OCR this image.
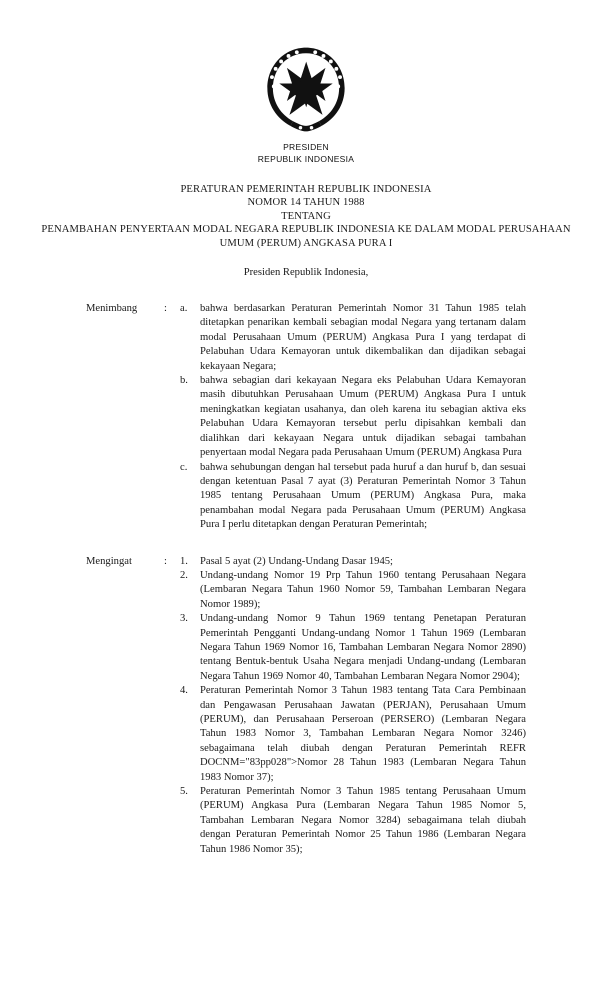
PRESIDEN
REPUBLIK INDONESIA
PERATURAN PEMERINTAH REPUBLIK INDONESIA
NOMOR 14 TAHUN 1988
TENTANG
PENAMBAHAN PENYERTAAN MODAL NEGARA REPUBLIK INDONESIA KE DALAM MODAL PERUSAHAAN UMUM (PERUM) ANGKASA PURA I
Presiden Republik Indonesia,
Menimbang	:	a.	bahwa berdasarkan Peraturan Pemerintah Nomor 31 Tahun 1985 telah ditetapkan penarikan kembali sebagian modal Negara yang tertanam dalam modal Perusahaan Umum (PERUM) Angkasa Pura I yang terdapat di Pelabuhan Udara Kemayoran untuk dikembalikan dan dijadikan sebagai kekayaan Negara;
b.	bahwa sebagian dari kekayaan Negara eks Pelabuhan Udara Kemayoran masih dibutuhkan Perusahaan Umum (PERUM) Angkasa Pura I untuk meningkatkan kegiatan usahanya, dan oleh karena itu sebagian aktiva eks Pelabuhan Udara Kemayoran tersebut perlu dipisahkan kembali dan dialihkan dari kekayaan Negara untuk dijadikan sebagai tambahan penyertaan modal Negara pada Perusahaan Umum (PERUM) Angkasa Pura
c.	bahwa sehubungan dengan hal tersebut pada huruf a dan huruf b, dan sesuai dengan ketentuan Pasal 7 ayat (3) Peraturan Pemerintah Nomor 3 Tahun 1985 tentang Perusahaan Umum (PERUM) Angkasa Pura, maka penambahan modal Negara pada Perusahaan Umum (PERUM) Angkasa Pura I perlu ditetapkan dengan Peraturan Pemerintah;
Mengingat	:	1.	Pasal 5 ayat (2) Undang-Undang Dasar 1945;
2.	Undang-undang Nomor 19 Prp Tahun 1960 tentang Perusahaan Negara (Lembaran Negara Tahun 1960 Nomor 59, Tambahan Lembaran Negara Nomor 1989);
3.	Undang-undang Nomor 9 Tahun 1969 tentang Penetapan Peraturan Pemerintah Pengganti Undang-undang Nomor 1 Tahun 1969 (Lembaran Negara Tahun 1969 Nomor 16, Tambahan Lembaran Negara Nomor 2890) tentang Bentuk-bentuk Usaha Negara menjadi Undang-undang (Lembaran Negara Tahun 1969 Nomor 40, Tambahan Lembaran Negara Nomor 2904);
4.	Peraturan Pemerintah Nomor 3 Tahun 1983 tentang Tata Cara Pembinaan dan Pengawasan Perusahaan Jawatan (PERJAN), Perusahaan Umum (PERUM), dan Perusahaan Perseroan (PERSERO) (Lembaran Negara Tahun 1983 Nomor 3, Tambahan Lembaran Negara Nomor 3246) sebagaimana telah diubah dengan Peraturan Pemerintah REFR DOCNM="83pp028">Nomor 28 Tahun 1983 (Lembaran Negara Tahun 1983 Nomor 37);
5.	Peraturan Pemerintah Nomor 3 Tahun 1985 tentang Perusahaan Umum (PERUM) Angkasa Pura (Lembaran Negara Tahun 1985 Nomor 5, Tambahan Lembaran Negara Nomor 3284) sebagaimana telah diubah dengan Peraturan Pemerintah Nomor 25 Tahun 1986 (Lembaran Negara Tahun 1986 Nomor 35);
